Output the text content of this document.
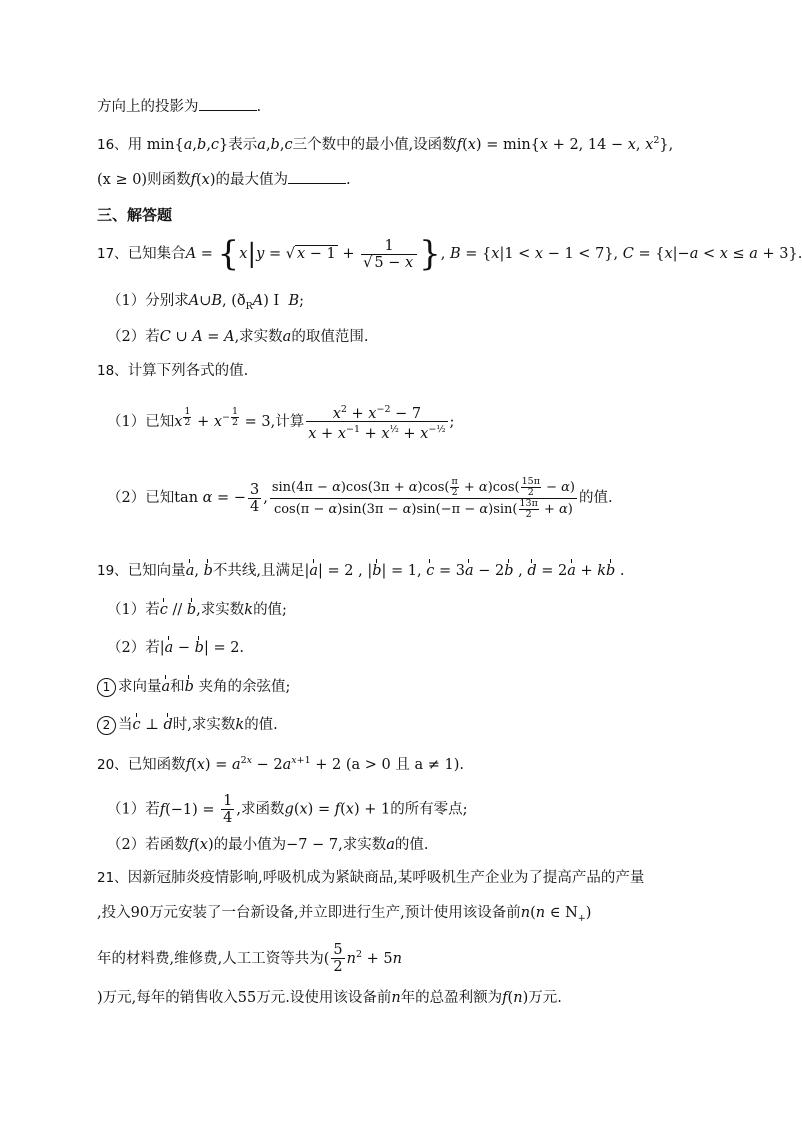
方向上的投影为	.
16、用 min{a,b,c}表示a,b,c三个数中的最小值,设函数f(x) = min{x + 2, 14 − x, $x^2$},
(x ≥ 0)则函数f(x)的最大值为	.
三、解答题
17、已知集合A = {x|y = √ $x - 1 + \frac{1}{√ 5 - x}$ }, B = {x|1 < x − 1 < 7}, C = {x|−a < x ≤ a + 3}.
（1）分别求A∪B, $(ð_RA)$ I  B;
（2）若C ∪ A = A,求实数a的取值范围.
18、计算下列各式的值.
（1）已知x $^{\frac{1}{2}} + x^{- \frac{1}{2}} = 3$,计算 $\frac{x^2 + x^{-2} - 7}{x + x^{-1} + x^{\frac{1}{2}} + x^{-\frac{1}{2}}}$ ;
（2）已知tan α = − $\frac{3}{4}$ , $\frac{\sin(4\pi - \alpha)\cos(3\pi + \alpha)\cos( \frac{\pi}{2} + \alpha)\cos( \frac{15\pi}{2} - \alpha)}{\cos(\pi - \alpha)\sin(3\pi - \alpha)\sin(-\pi - \alpha)\sin( \frac{13\pi}{2} + \alpha)}$ 的值.
19、已知向量a, b不共线,且满足|a| = 2 , |b| = 1, c = 3a − 2b , d = 2a + kb .
（1）若c // b,求实数k的值;
（2）若|a − b| = 2.
1 求向量a和b 夹角的余弦值;
2 当c ⊥ d时,求实数k的值.
20、已知函数$f(x) = a^{2x} - 2a^{x+1} + 2$ (a > 0 且 a ≠ 1).
（1）若$f(-1) = \frac{1}{4}$ ,求函数g(x) = f(x) + 1的所有零点;
（2）若函数f(x)的最小值为−7 − 7,求实数a的值.
21、因新冠肺炎疫情影响,呼吸机成为紧缺商品,某呼吸机生产企业为了提高产品的产量
,投入90万元安装了一台新设备,并立即进行生产,预计使用该设备前n(n ∈ $N_+$)
年的材料费,维修费,人工工资等共为( $\frac{5}{2} n^2 + 5n$
)万元,每年的销售收入55万元.设使用该设备前n年的总盈利额为f(n)万元.
